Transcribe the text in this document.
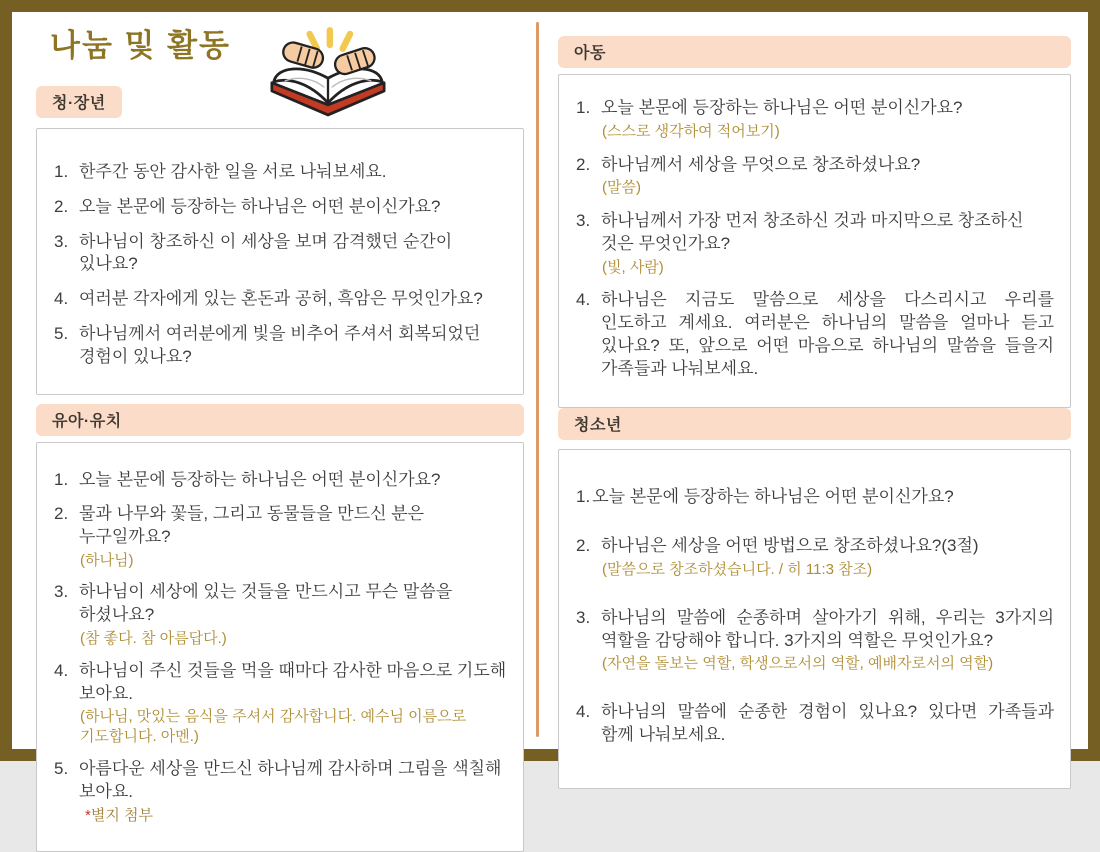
나눔 및 활동
청·장년
1. 한주간 동안 감사한 일을 서로 나눠보세요.
2. 오늘 본문에 등장하는 하나님은 어떤 분이신가요?
3. 하나님이 창조하신 이 세상을 보며 감격했던 순간이 있나요?
4. 여러분 각자에게 있는 혼돈과 공허, 흑암은 무엇인가요?
5. 하나님께서 여러분에게 빛을 비추어 주셔서 회복되었던 경험이 있나요?
유아·유치
1. 오늘 본문에 등장하는 하나님은 어떤 분이신가요?
2. 물과 나무와 꽃들, 그리고 동물들을 만드신 분은 누구일까요?
(하나님)
3. 하나님이 세상에 있는 것들을 만드시고 무슨 말씀을 하셨나요?
(참 좋다. 참 아름답다.)
4. 하나님이 주신 것들을 먹을 때마다 감사한 마음으로 기도해 보아요.
(하나님, 맛있는 음식을 주셔서 감사합니다. 예수님 이름으로 기도합니다. 아멘.)
5. 아름다운 세상을 만드신 하나님께 감사하며 그림을 색칠해 보아요.
*별지 첨부
아동
1. 오늘 본문에 등장하는 하나님은 어떤 분이신가요?
(스스로 생각하여 적어보기)
2. 하나님께서 세상을 무엇으로 창조하셨나요?
(말씀)
3. 하나님께서 가장 먼저 창조하신 것과 마지막으로 창조하신 것은 무엇인가요?
(빛, 사람)
4. 하나님은 지금도 말씀으로 세상을 다스리시고 우리를 인도하고 계세요. 여러분은 하나님의 말씀을 얼마나 듣고 있나요? 또, 앞으로 어떤 마음으로 하나님의 말씀을 들을지 가족들과 나눠보세요.
청소년
1. 오늘 본문에 등장하는 하나님은 어떤 분이신가요?
2. 하나님은 세상을 어떤 방법으로 창조하셨나요?(3절)
(말씀으로 창조하셨습니다. / 히 11:3 참조)
3. 하나님의 말씀에 순종하며 살아가기 위해, 우리는 3가지의 역할을 감당해야 합니다. 3가지의 역할은 무엇인가요?
(자연을 돌보는 역할, 학생으로서의 역할, 예배자로서의 역할)
4. 하나님의 말씀에 순종한 경험이 있나요? 있다면 가족들과 함께 나눠보세요.
